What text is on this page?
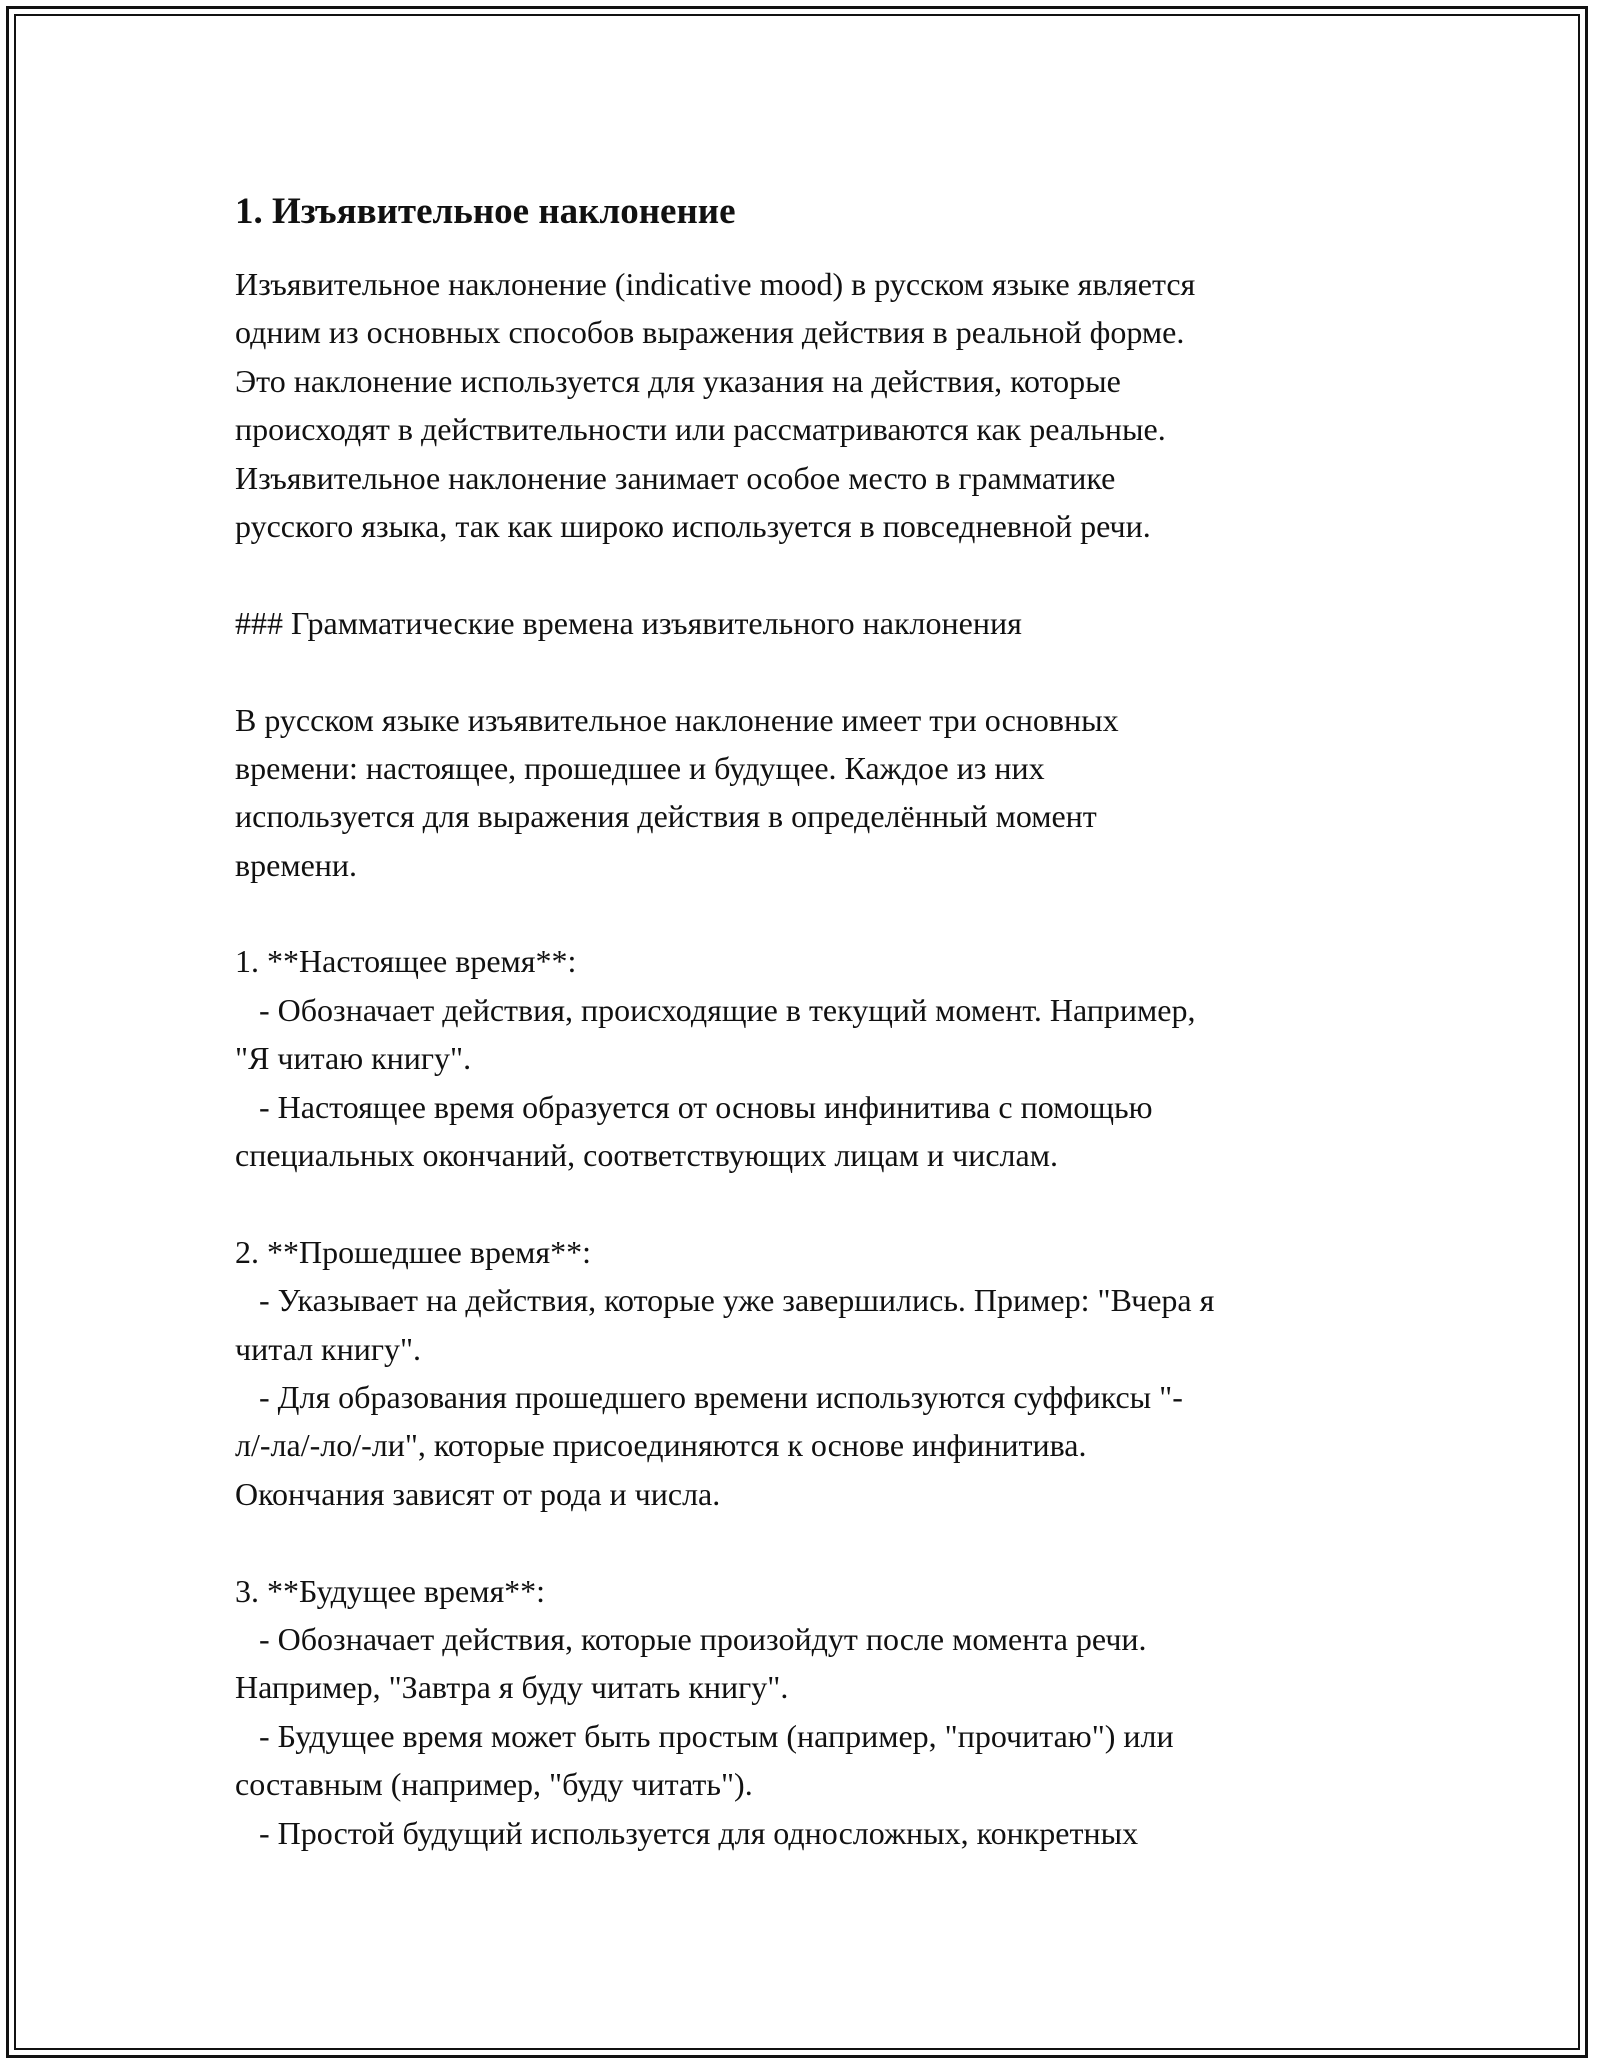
1. Изъявительное наклонение
Изъявительное наклонение (indicative mood) в русском языке является
одним из основных способов выражения действия в реальной форме.
Это наклонение используется для указания на действия, которые
происходят в действительности или рассматриваются как реальные.
Изъявительное наклонение занимает особое место в грамматике
русского языка, так как широко используется в повседневной речи.
### Грамматические времена изъявительного наклонения
В русском языке изъявительное наклонение имеет три основных
времени: настоящее, прошедшее и будущее. Каждое из них
используется для выражения действия в определённый момент
времени.
1. **Настоящее время**:
- Обозначает действия, происходящие в текущий момент. Например,
"Я читаю книгу".
- Настоящее время образуется от основы инфинитива с помощью
специальных окончаний, соответствующих лицам и числам.
2. **Прошедшее время**:
- Указывает на действия, которые уже завершились. Пример: "Вчера я
читал книгу".
- Для образования прошедшего времени используются суффиксы "-
л/-ла/-ло/-ли", которые присоединяются к основе инфинитива.
Окончания зависят от рода и числа.
3. **Будущее время**:
- Обозначает действия, которые произойдут после момента речи.
Например, "Завтра я буду читать книгу".
- Будущее время может быть простым (например, "прочитаю") или
составным (например, "буду читать").
- Простой будущий используется для односложных, конкретных
